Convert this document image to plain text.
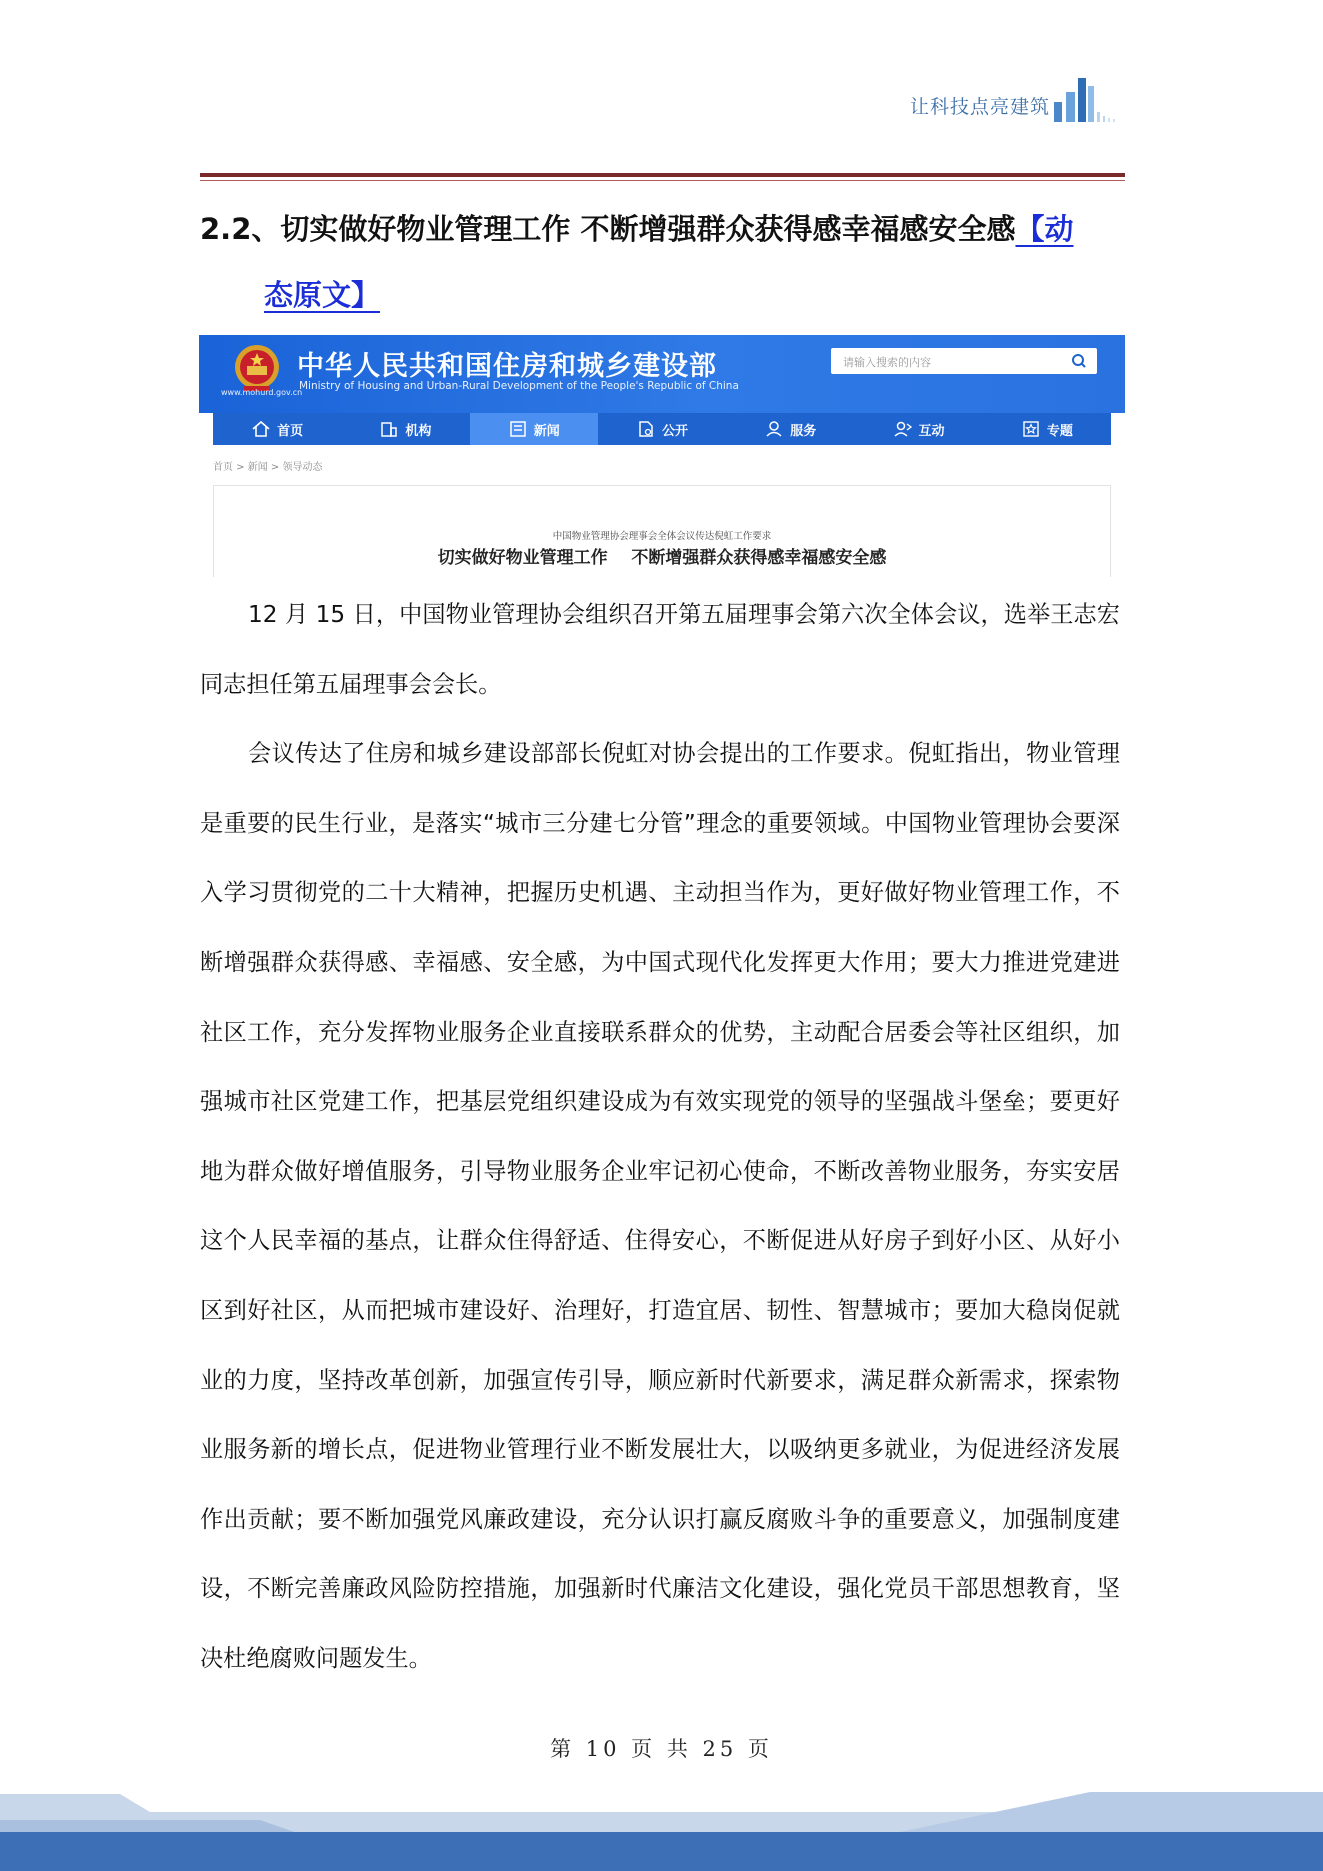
让科技点亮建筑
2.2、切实做好物业管理工作 不断增强群众获得感幸福感安全感【动
态原文】
www.mohurd.gov.cn
中华人民共和国住房和城乡建设部
Ministry of Housing and Urban-Rural Development of the People's Republic of China
请输入搜索的内容
首页	机构	新闻	公开	服务	互动	专题
首页 > 新闻 > 领导动态
中国物业管理协会理事会全体会议传达倪虹工作要求
切实做好物业管理工作    不断增强群众获得感幸福感安全感

12 月 15 日，中国物业管理协会组织召开第五届理事会第六次全体会议，选举王志宏同志担任第五届理事会会长。

会议传达了住房和城乡建设部部长倪虹对协会提出的工作要求。倪虹指出，物业管理是重要的民生行业，是落实“城市三分建七分管”理念的重要领域。中国物业管理协会要深入学习贯彻党的二十大精神，把握历史机遇、主动担当作为，更好做好物业管理工作，不断增强群众获得感、幸福感、安全感，为中国式现代化发挥更大作用；要大力推进党建进社区工作，充分发挥物业服务企业直接联系群众的优势，主动配合居委会等社区组织，加强城市社区党建工作，把基层党组织建设成为有效实现党的领导的坚强战斗堡垒；要更好地为群众做好增值服务，引导物业服务企业牢记初心使命，不断改善物业服务，夯实安居这个人民幸福的基点，让群众住得舒适、住得安心，不断促进从好房子到好小区、从好小区到好社区，从而把城市建设好、治理好，打造宜居、韧性、智慧城市；要加大稳岗促就业的力度，坚持改革创新，加强宣传引导，顺应新时代新要求，满足群众新需求，探索物业服务新的增长点，促进物业管理行业不断发展壮大，以吸纳更多就业，为促进经济发展作出贡献；要不断加强党风廉政建设，充分认识打赢反腐败斗争的重要意义，加强制度建设，不断完善廉政风险防控措施，加强新时代廉洁文化建设，强化党员干部思想教育，坚决杜绝腐败问题发生。

第 10 页 共 25 页
